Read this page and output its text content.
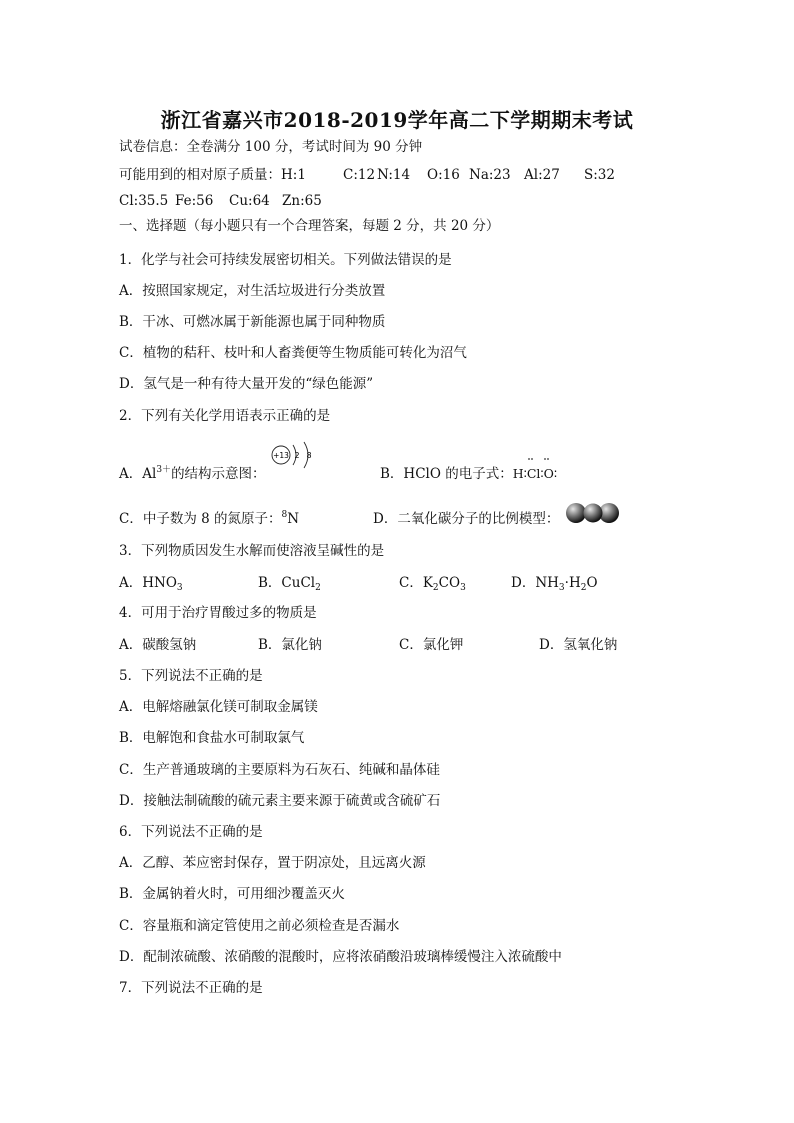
浙江省嘉兴市2018-2019学年高二下学期期末考试
试卷信息：全卷满分 100 分，考试时间为 90 分钟
可能用到的相对原子质量：H:1	C:12 N:14 O:16 Na:23 Al:27 S:32
Cl:35.5 Fe:56 Cu:64 Zn:65
一、选择题（每小题只有一个合理答案，每题 2 分，共 20 分）
1．化学与社会可持续发展密切相关。下列做法错误的是
A．按照国家规定，对生活垃圾进行分类放置
B．干冰、可燃冰属于新能源也属于同种物质
C．植物的秸秆、枝叶和人畜粪便等生物质能可转化为沼气
D．氢气是一种有待大量开发的“绿色能源”
2．下列有关化学用语表示正确的是
A．$Al^{3+}$的结构示意图：
+13 2 8
B．HClO 的电子式：H∶Cl∶O∶
C．中子数为 8 的氮原子：$^8$N	D．二氧化碳分子的比例模型：
3．下列物质因发生水解而使溶液呈碱性的是
A．$HNO_3$	B．CuCl$_2$	C．$K_2CO_3$	D．$NH_3\cdot H_2O$
4．可用于治疗胃酸过多的物质是
A．碳酸氢钠	B．氯化钠	C．氯化钾	D．氢氧化钠
5．下列说法不正确的是
A．电解熔融氯化镁可制取金属镁
B．电解饱和食盐水可制取氯气
C．生产普通玻璃的主要原料为石灰石、纯碱和晶体硅
D．接触法制硫酸的硫元素主要来源于硫黄或含硫矿石
6．下列说法不正确的是
A．乙醇、苯应密封保存，置于阴凉处，且远离火源
B．金属钠着火时，可用细沙覆盖灭火
C．容量瓶和滴定管使用之前必须检查是否漏水
D．配制浓硫酸、浓硝酸的混酸时，应将浓硝酸沿玻璃棒缓慢注入浓硫酸中
7．下列说法不正确的是
